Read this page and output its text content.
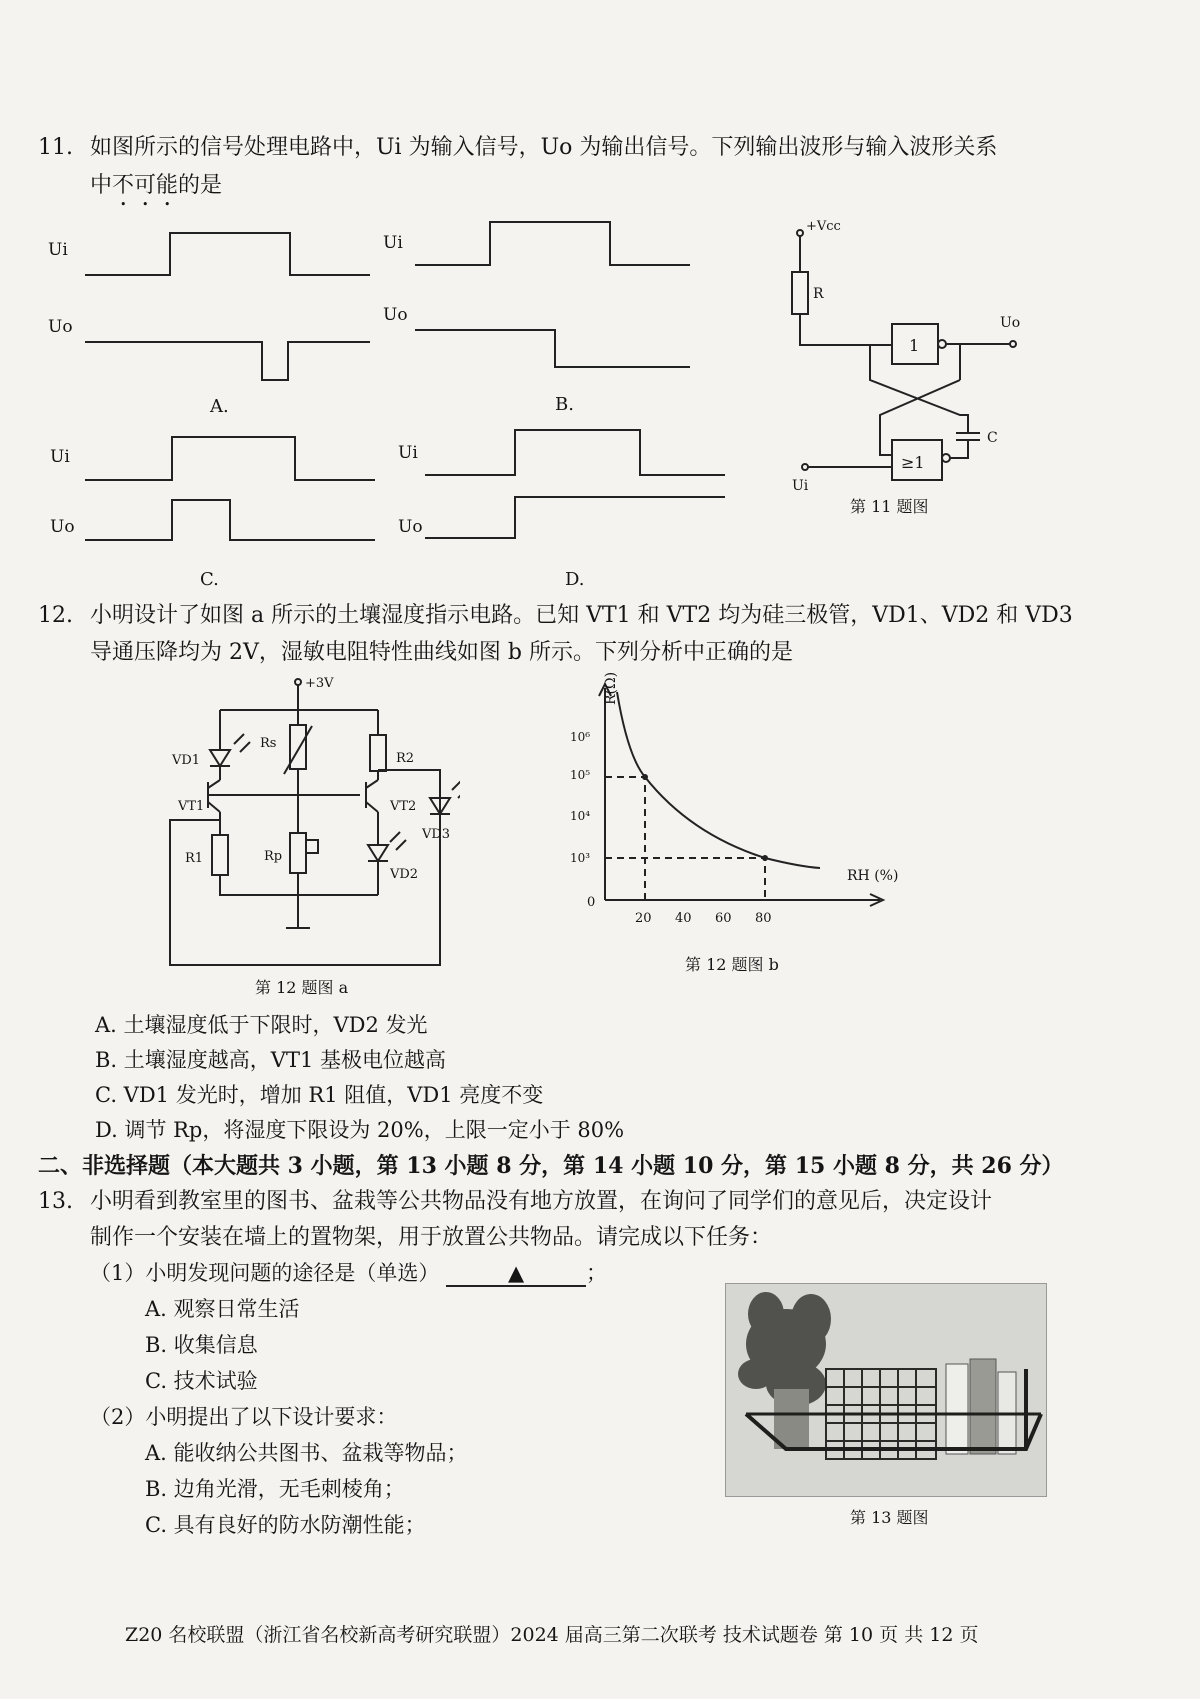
11. 如图所示的信号处理电路中，Ui 为输入信号，Uo 为输出信号。下列输出波形与输入波形关系
中不可能的是
Ui
Uo
A.
Ui
Uo
B.
Ui
Uo
C.
Ui
Uo
D.
+Vcc
R
1
Uo
C
≥1
Ui
第 11 题图
12. 小明设计了如图 a 所示的土壤湿度指示电路。已知 VT1 和 VT2 均为硅三极管，VD1、VD2 和 VD3
导通压降均为 2V，湿敏电阻特性曲线如图 b 所示。下列分析中正确的是
+3V
VD1
VT1
R1
Rs
Rp
R2
VT2
VD2
VD3
第 12 题图 a
R(Ω)
RH (%)
10⁶
10⁵
10⁴
10³
0
20 40 60 80
第 12 题图 b
A. 土壤湿度低于下限时，VD2 发光
B. 土壤湿度越高，VT1 基极电位越高
C. VD1 发光时，增加 R1 阻值，VD1 亮度不变
D. 调节 Rp，将湿度下限设为 20%，上限一定小于 80%
二、非选择题（本大题共 3 小题，第 13 小题 8 分，第 14 小题 10 分，第 15 小题 8 分，共 26 分）
13. 小明看到教室里的图书、盆栽等公共物品没有地方放置，在询问了同学们的意见后，决定设计
制作一个安装在墙上的置物架，用于放置公共物品。请完成以下任务：
（1）小明发现问题的途径是（单选）	▲	；
A. 观察日常生活
B. 收集信息
C. 技术试验
（2）小明提出了以下设计要求：
A. 能收纳公共图书、盆栽等物品；
B. 边角光滑，无毛刺棱角；
C. 具有良好的防水防潮性能；	第 13 题图
Z20 名校联盟（浙江省名校新高考研究联盟）2024 届高三第二次联考 技术试题卷 第 10 页 共 12 页
